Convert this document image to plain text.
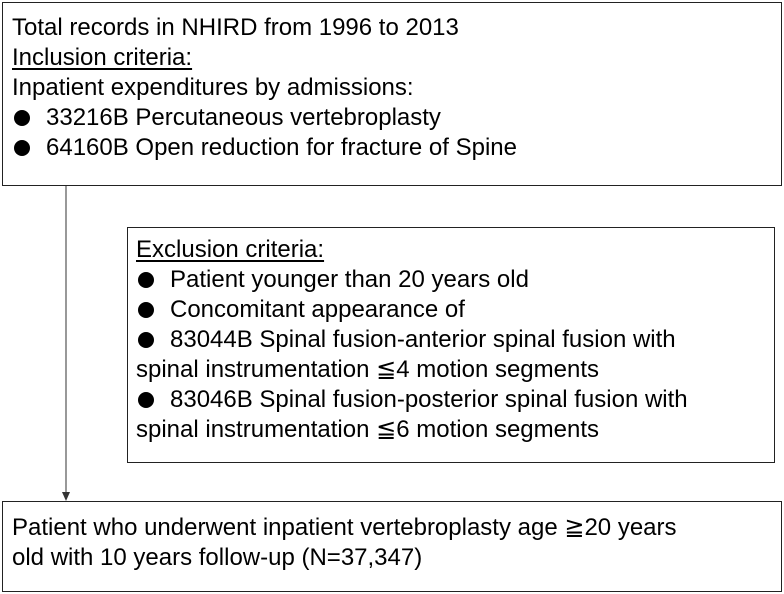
Total records in NHIRD from 1996 to 2013
Inclusion criteria:
Inpatient expenditures by admissions:
33216B Percutaneous vertebroplasty
64160B Open reduction for fracture of Spine
Exclusion criteria:
Patient younger than 20 years old
Concomitant appearance of
83044B Spinal fusion-anterior spinal fusion with
spinal instrumentation ≦4 motion segments
83046B Spinal fusion-posterior spinal fusion with
spinal instrumentation ≦6 motion segments
Patient who underwent inpatient vertebroplasty age ≧20 years
old with 10 years follow-up (N=37,347)
